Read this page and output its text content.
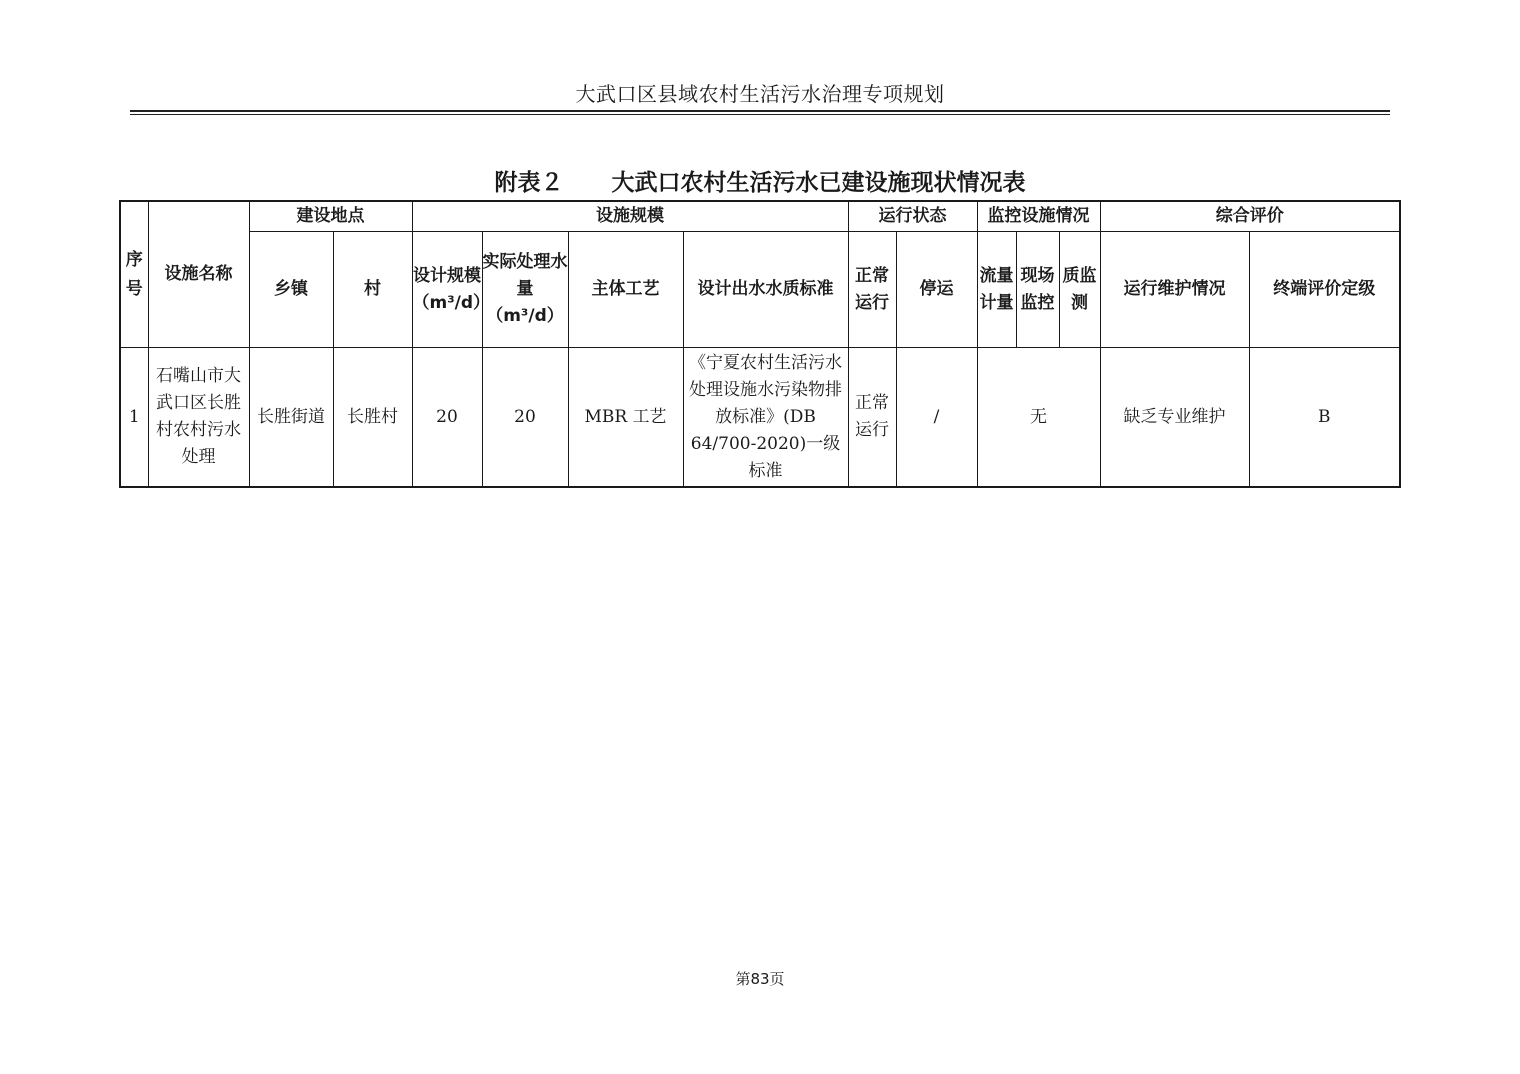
大武口区县域农村生活污水治理专项规划
附表２ 大武口农村生活污水已建设施现状情况表
序号	设施名称	建设地点		设施规模				运行状态		监控设施情况			综合评价	
		乡镇	村	设计规模（m³/d）	实际处理水量（m³/d）	主体工艺	设计出水水质标准	正常运行	停运	流量计量	现场监控	质监测	运行维护情况	终端评价定级
1	石嘴山市大武口区长胜村农村污水处理	长胜街道	长胜村	20	20	MBR 工艺	《宁夏农村生活污水处理设施水污染物排放标准》(DB 64/700-2020)一级标准	正常运行	/	无			缺乏专业维护	B
第83页
